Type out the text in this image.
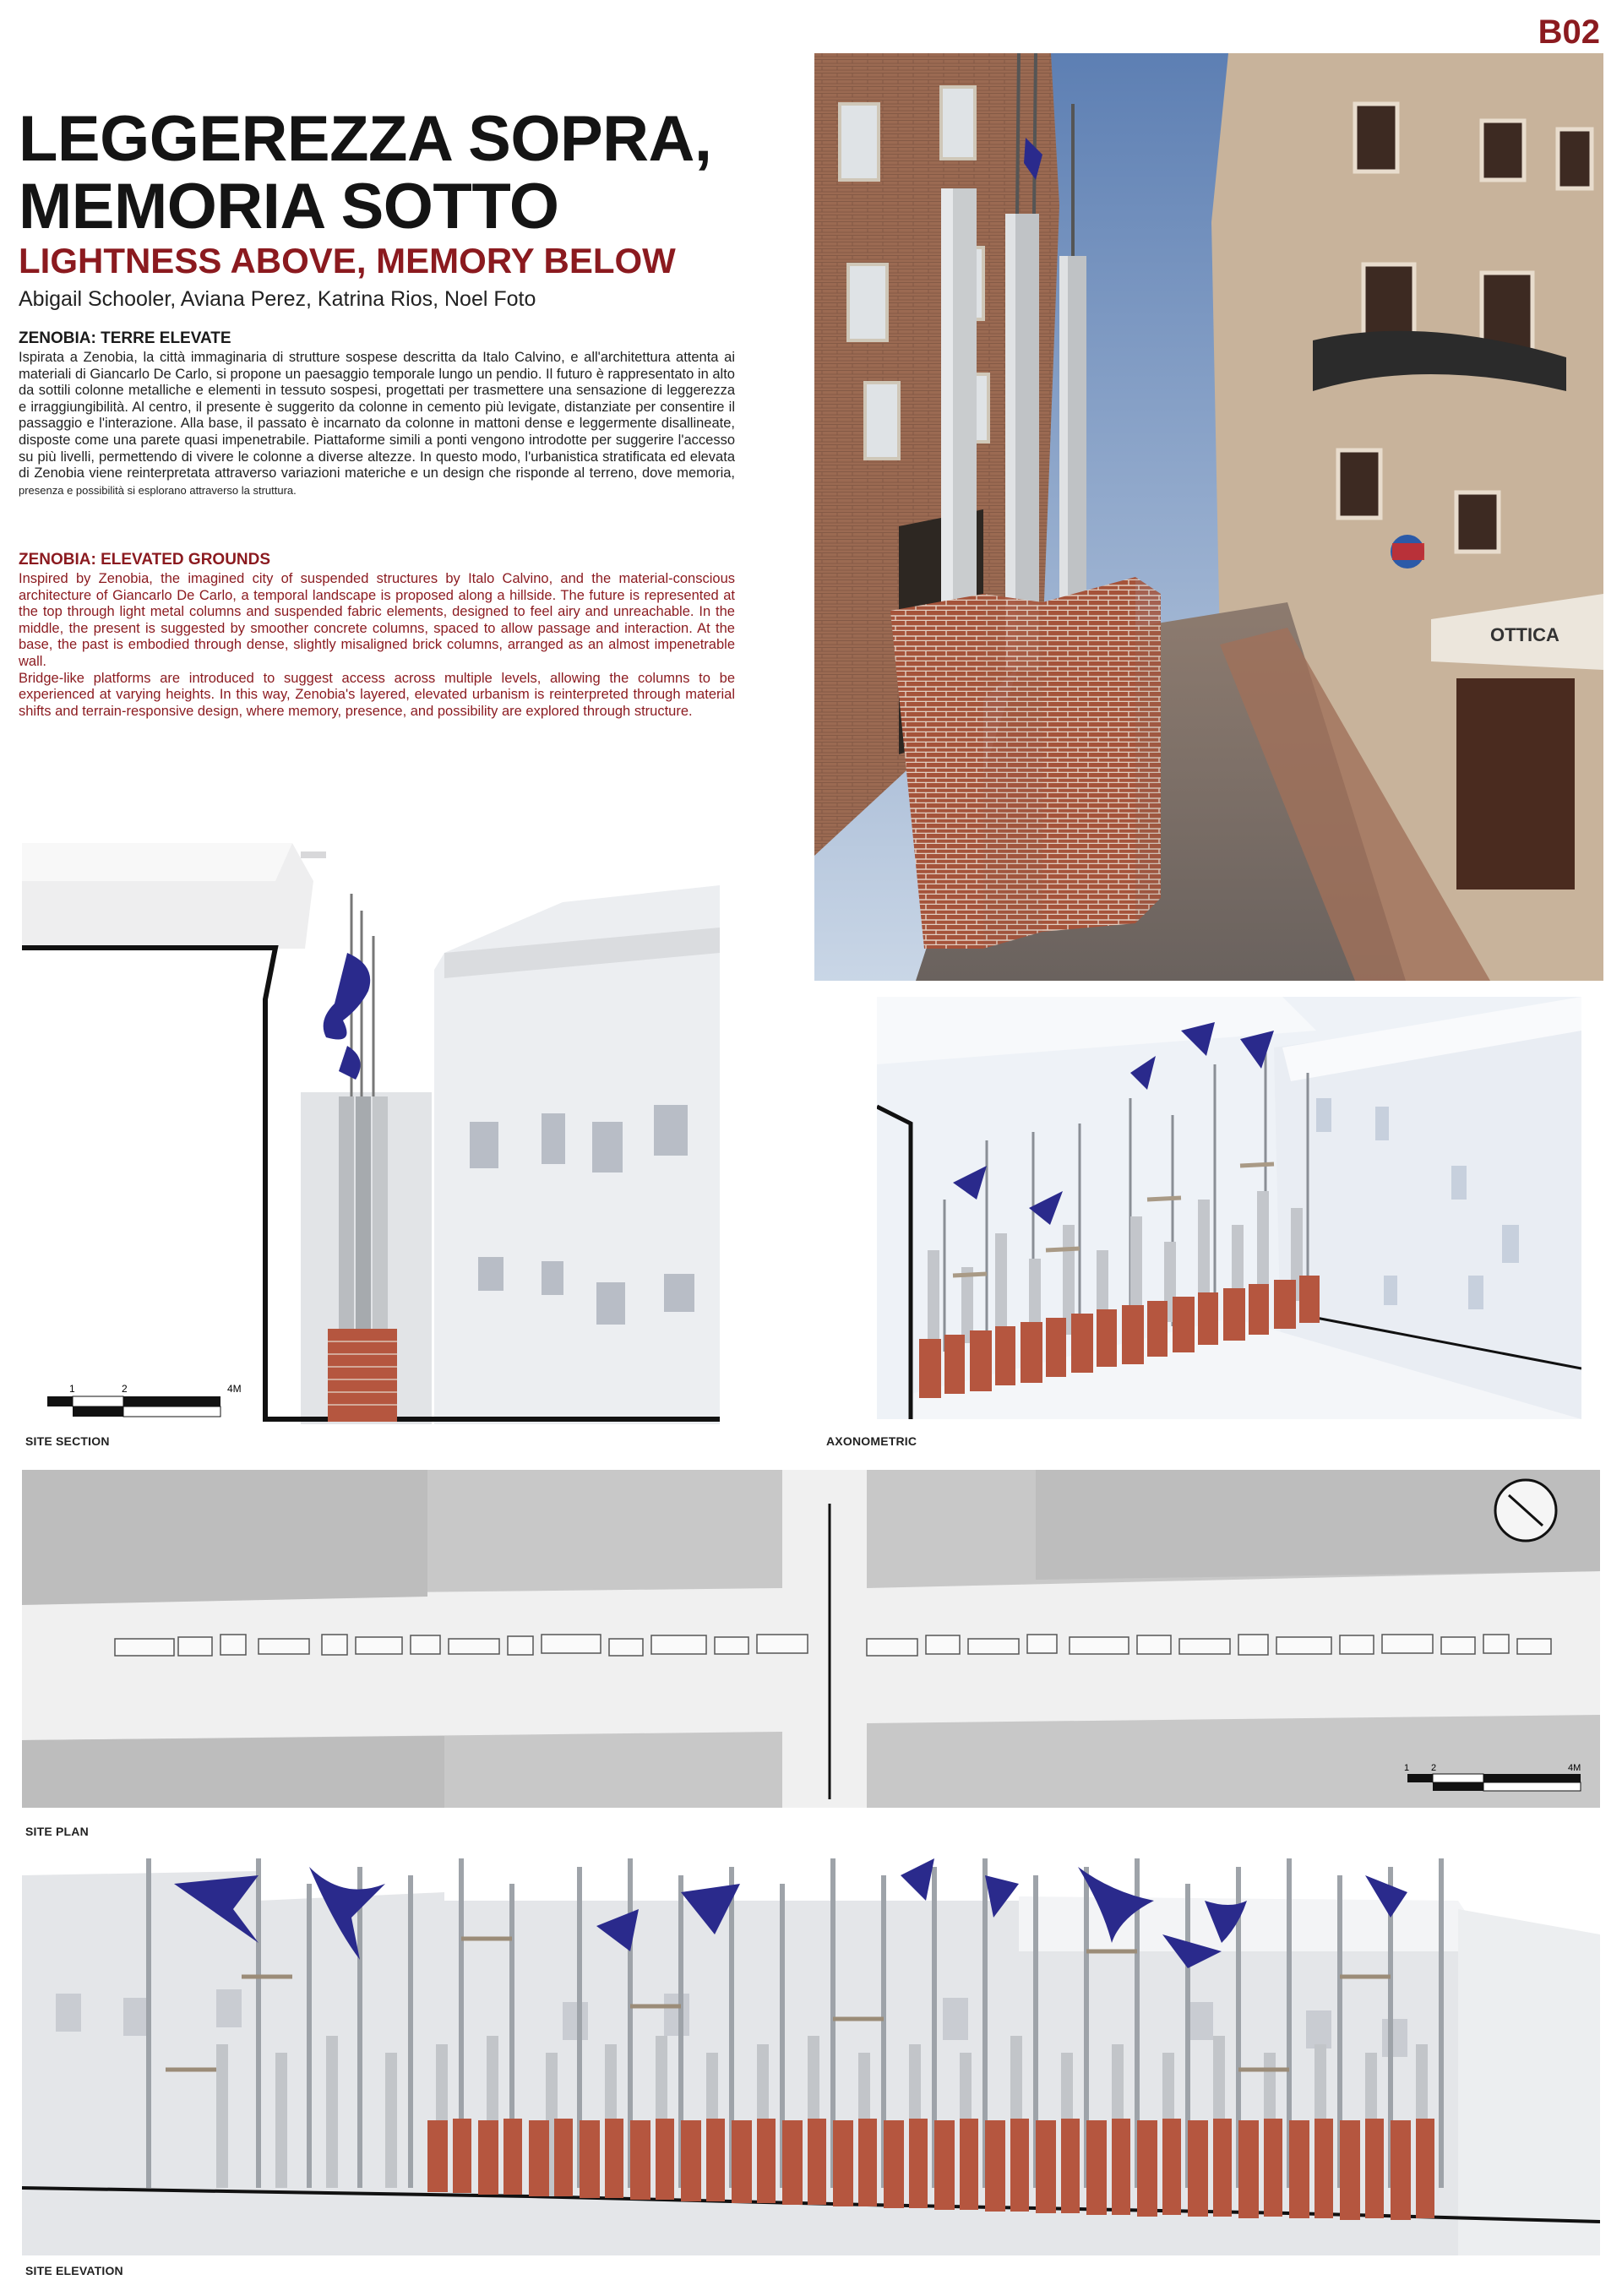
B02
LEGGEREZZA SOPRA,
MEMORIA SOTTO
LIGHTNESS ABOVE, MEMORY BELOW
Abigail Schooler, Aviana Perez, Katrina Rios, Noel Foto
ZENOBIA: TERRE ELEVATE
Ispirata a Zenobia, la città immaginaria di strutture sospese descritta da Italo Calvino, e all'architettura attenta ai materiali di Giancarlo De Carlo, si propone un paesaggio temporale lungo un pendio. Il futuro è rappresentato in alto da sottili colonne metalliche e elementi in tessuto sospesi, progettati per trasmettere una sensazione di leggerezza e irraggiungibilità. Al centro, il presente è suggerito da colonne in cemento più levigate, distanziate per consentire il passaggio e l'interazione. Alla base, il passato è incarnato da colonne in mattoni dense e leggermente disallineate, disposte come una parete quasi impenetrabile. Piattaforme simili a ponti vengono introdotte per suggerire l'accesso su più livelli, permettendo di vivere le colonne a diverse altezze. In questo modo, l'urbanistica stratificata ed elevata di Zenobia viene reinterpretata attraverso variazioni materiche e un design che risponde al terreno, dove memoria, presenza e possibilità si esplorano attraverso la struttura.
ZENOBIA: ELEVATED GROUNDS
Inspired by Zenobia, the imagined city of suspended structures by Italo Calvino, and the material-conscious architecture of Giancarlo De Carlo, a temporal landscape is proposed along a hillside. The future is represented at the top through light metal columns and suspended fabric elements, designed to feel airy and unreachable. In the middle, the present is suggested by smoother concrete columns, spaced to allow passage and interaction. At the base, the past is embodied through dense, slightly misaligned brick columns, arranged as an almost impenetrable wall.
Bridge-like platforms are introduced to suggest access across multiple levels, allowing the columns to be experienced at varying heights. In this way, Zenobia's layered, elevated urbanism is reinterpreted through material shifts and terrain-responsive design, where memory, presence, and possibility are explored through structure.
OTTICA
1	2	4M
SITE SECTION	AXONOMETRIC
1 2	4M
SITE PLAN
SITE ELEVATION
